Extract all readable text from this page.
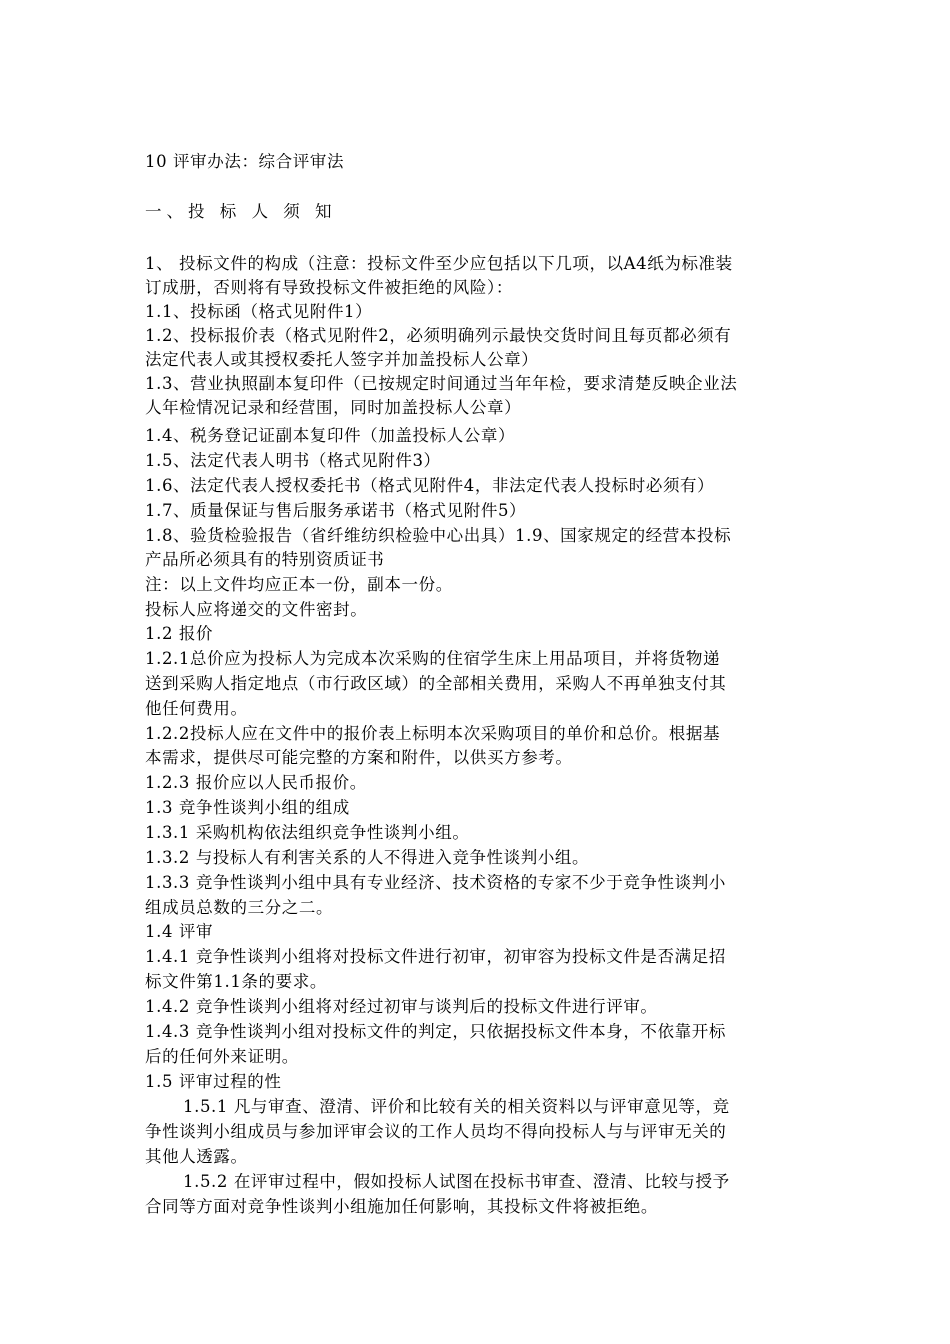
10 评审办法：综合评审法
一、投 标 人 须 知
1、 投标文件的构成（注意：投标文件至少应包括以下几项，以A4纸为标准装
订成册，否则将有导致投标文件被拒绝的风险）：
1.1、投标函（格式见附件1）
1.2、投标报价表（格式见附件2，必须明确列示最快交货时间且每页都必须有
法定代表人或其授权委托人签字并加盖投标人公章）
1.3、营业执照副本复印件（已按规定时间通过当年年检，要求清楚反映企业法
人年检情况记录和经营围，同时加盖投标人公章）
1.4、税务登记证副本复印件（加盖投标人公章）
1.5、法定代表人明书（格式见附件3）
1.6、法定代表人授权委托书（格式见附件4，非法定代表人投标时必须有）
1.7、质量保证与售后服务承诺书（格式见附件5）
1.8、验货检验报告（省纤维纺织检验中心出具）1.9、国家规定的经营本投标
产品所必须具有的特别资质证书
注：以上文件均应正本一份，副本一份。
投标人应将递交的文件密封。
1.2 报价
1.2.1总价应为投标人为完成本次采购的住宿学生床上用品项目，并将货物递
送到采购人指定地点（市行政区域）的全部相关费用，采购人不再单独支付其
他任何费用。
1.2.2投标人应在文件中的报价表上标明本次采购项目的单价和总价。根据基
本需求，提供尽可能完整的方案和附件，以供买方参考。
1.2.3 报价应以人民币报价。
1.3 竞争性谈判小组的组成
1.3.1 采购机构依法组织竞争性谈判小组。
1.3.2 与投标人有利害关系的人不得进入竞争性谈判小组。
1.3.3 竞争性谈判小组中具有专业经济、技术资格的专家不少于竞争性谈判小
组成员总数的三分之二。
1.4 评审
1.4.1 竞争性谈判小组将对投标文件进行初审，初审容为投标文件是否满足招
标文件第1.1条的要求。
1.4.2 竞争性谈判小组将对经过初审与谈判后的投标文件进行评审。
1.4.3 竞争性谈判小组对投标文件的判定，只依据投标文件本身，不依靠开标
后的任何外来证明。
1.5 评审过程的性
1.5.1 凡与审查、澄清、评价和比较有关的相关资料以与评审意见等，竞
争性谈判小组成员与参加评审会议的工作人员均不得向投标人与与评审无关的
其他人透露。
1.5.2 在评审过程中，假如投标人试图在投标书审查、澄清、比较与授予
合同等方面对竞争性谈判小组施加任何影响，其投标文件将被拒绝。
